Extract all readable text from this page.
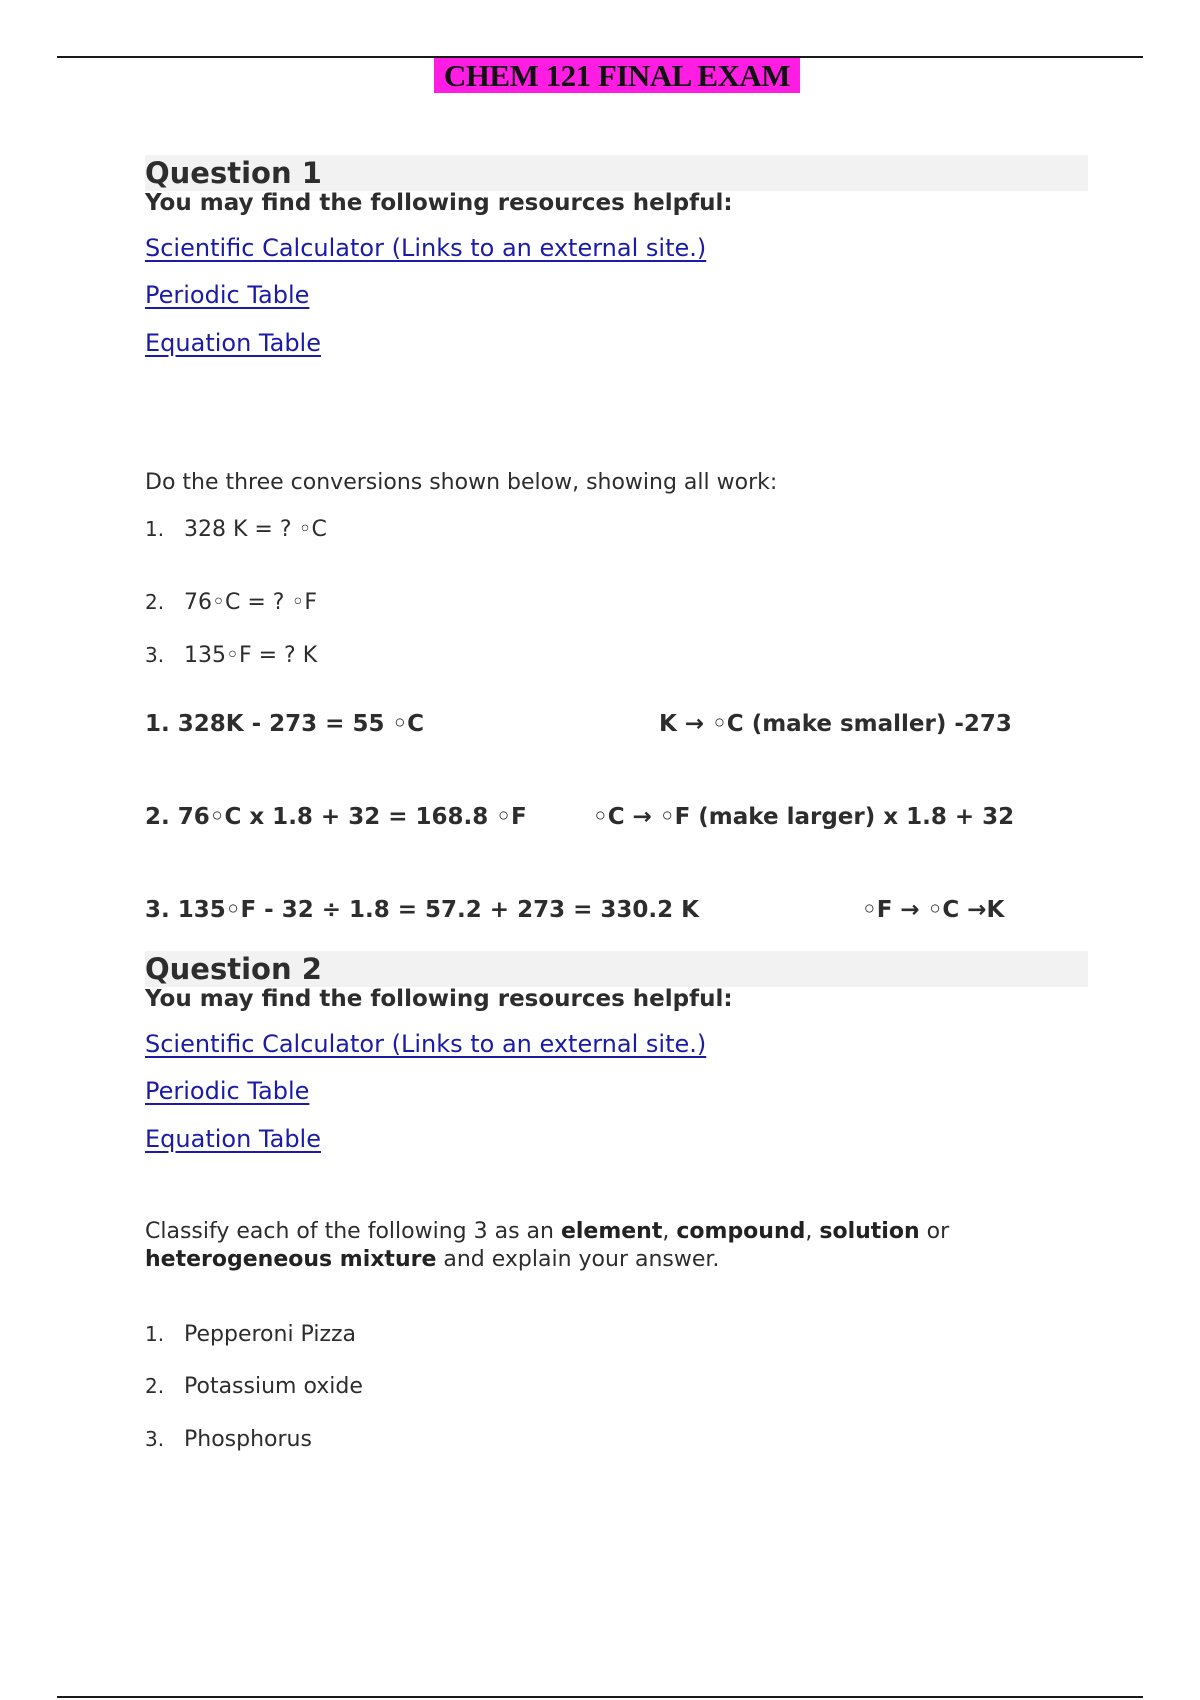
CHEM 121 FINAL EXAM
Question 1
You may find the following resources helpful:
Scientific Calculator (Links to an external site.)
Periodic Table
Equation Table
Do the three conversions shown below, showing all work:
1. 328 K = ? ◦C
2. 76◦C = ? ◦F
3. 135◦F = ? K
1. 328K - 273 = 55 ◦C	K → ◦C (make smaller) -273
2. 76◦C x 1.8 + 32 = 168.8 ◦F	◦C → ◦F (make larger) x 1.8 + 32
3. 135◦F - 32 ÷ 1.8 = 57.2 + 273 = 330.2 K	◦F → ◦C →K
Question 2
You may find the following resources helpful:
Scientific Calculator (Links to an external site.)
Periodic Table
Equation Table
Classify each of the following 3 as an element, compound, solution or heterogeneous mixture and explain your answer.
1. Pepperoni Pizza
2. Potassium oxide
3. Phosphorus
